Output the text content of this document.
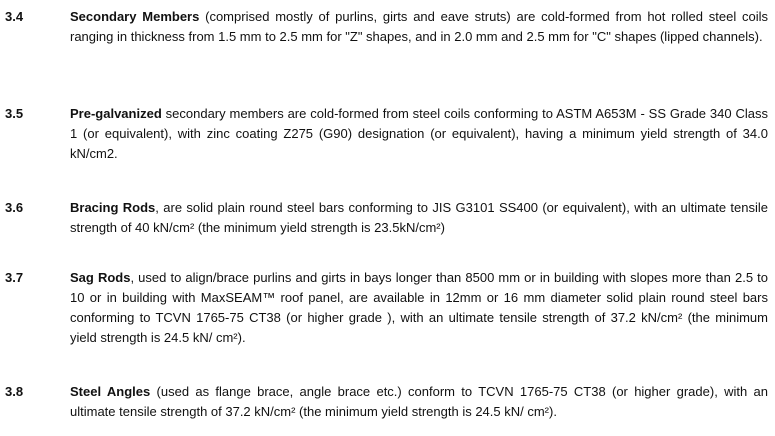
3.4	Secondary Members (comprised mostly of purlins, girts and eave struts) are cold-formed from hot rolled steel coils ranging in thickness from 1.5 mm to 2.5 mm for "Z" shapes, and in 2.0 mm and 2.5 mm for "C" shapes (lipped channels).
3.5	Pre-galvanized secondary members are cold-formed from steel coils conforming to ASTM A653M - SS Grade 340 Class 1 (or equivalent), with zinc coating Z275 (G90) designation (or equivalent), having a minimum yield strength of 34.0 kN/cm2.
3.6	Bracing Rods, are solid plain round steel bars conforming to JIS G3101 SS400 (or equivalent), with an ultimate tensile strength of 40 kN/cm² (the minimum yield strength is 23.5kN/cm²)
3.7	Sag Rods, used to align/brace purlins and girts in bays longer than 8500 mm or in building with slopes more than 2.5 to 10 or in building with MaxSEAM™ roof panel, are available in 12mm or 16 mm diameter solid plain round steel bars conforming to TCVN 1765-75 CT38 (or higher grade ), with an ultimate tensile strength of 37.2 kN/cm² (the minimum yield strength is 24.5 kN/ cm²).
3.8	Steel Angles (used as flange brace, angle brace etc.) conform to TCVN 1765-75 CT38 (or higher grade), with an ultimate tensile strength of 37.2 kN/cm² (the minimum yield strength is 24.5 kN/ cm²).
